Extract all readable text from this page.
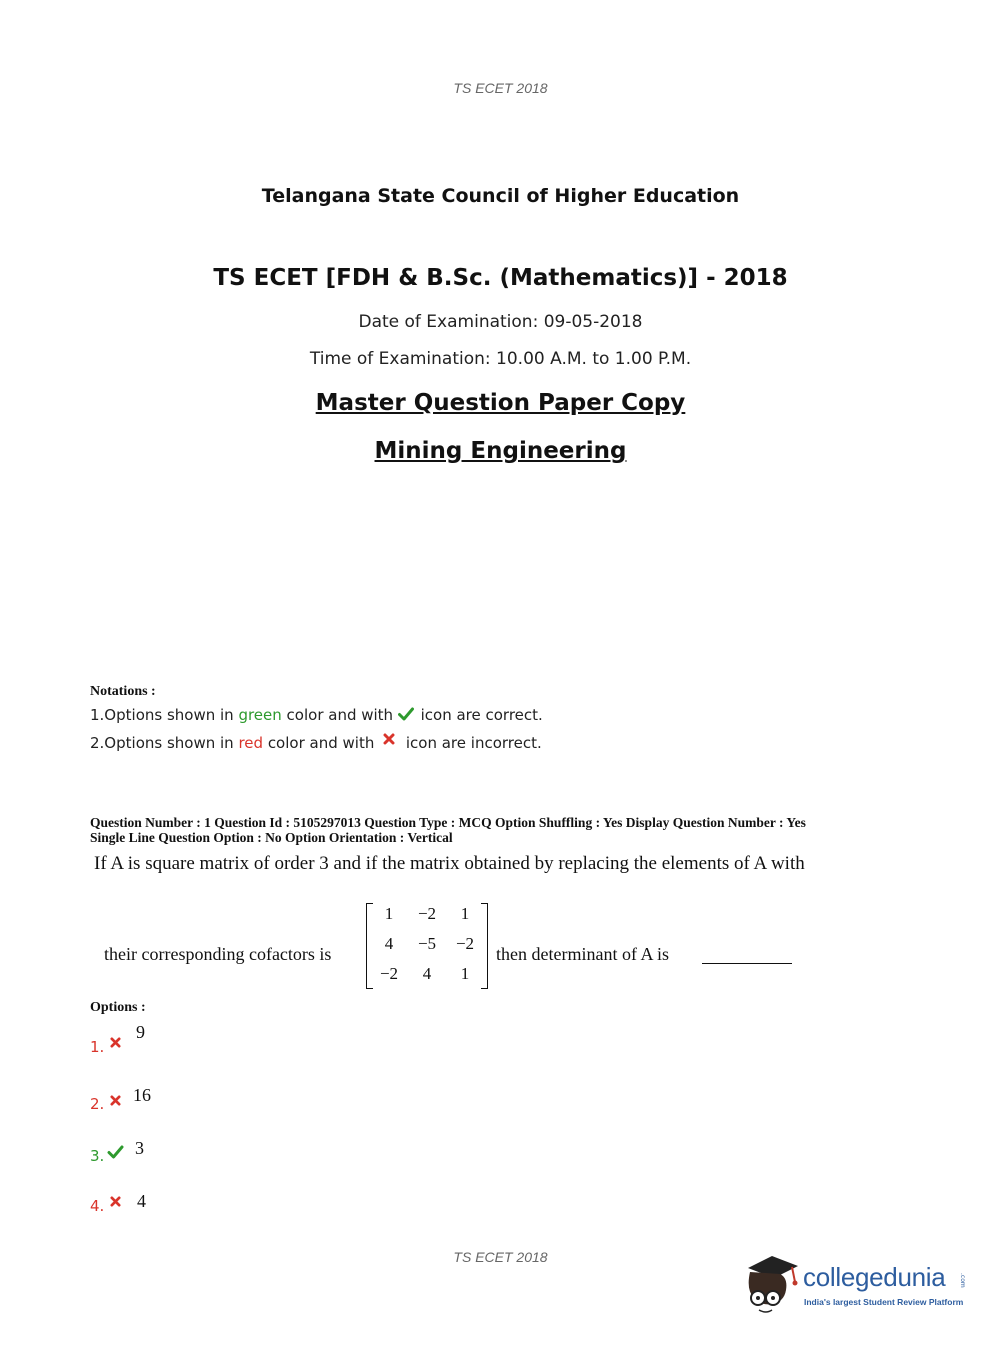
TS ECET 2018
Telangana State Council of Higher Education
TS ECET [FDH & B.Sc. (Mathematics)] - 2018
Date of Examination: 09-05-2018
Time of Examination: 10.00 A.M. to 1.00 P.M.
Master Question Paper Copy
Mining Engineering
Notations :
1.Options shown in green color and with  icon are correct.
2.Options shown in red color and with  icon are incorrect.
Question Number : 1 Question Id : 5105297013 Question Type : MCQ Option Shuffling : Yes Display Question Number : Yes
Single Line Question Option : No Option Orientation : Vertical
If A is square matrix of order 3 and if the matrix obtained by replacing the elements of A with
their corresponding cofactors is
1	−2	1
4	−5	−2
−2	4	1
then determinant of A is
Options :
1.
9
2. 16
3. 3
4. 4
TS ECET 2018
collegedunia .com
India's largest Student Review Platform
